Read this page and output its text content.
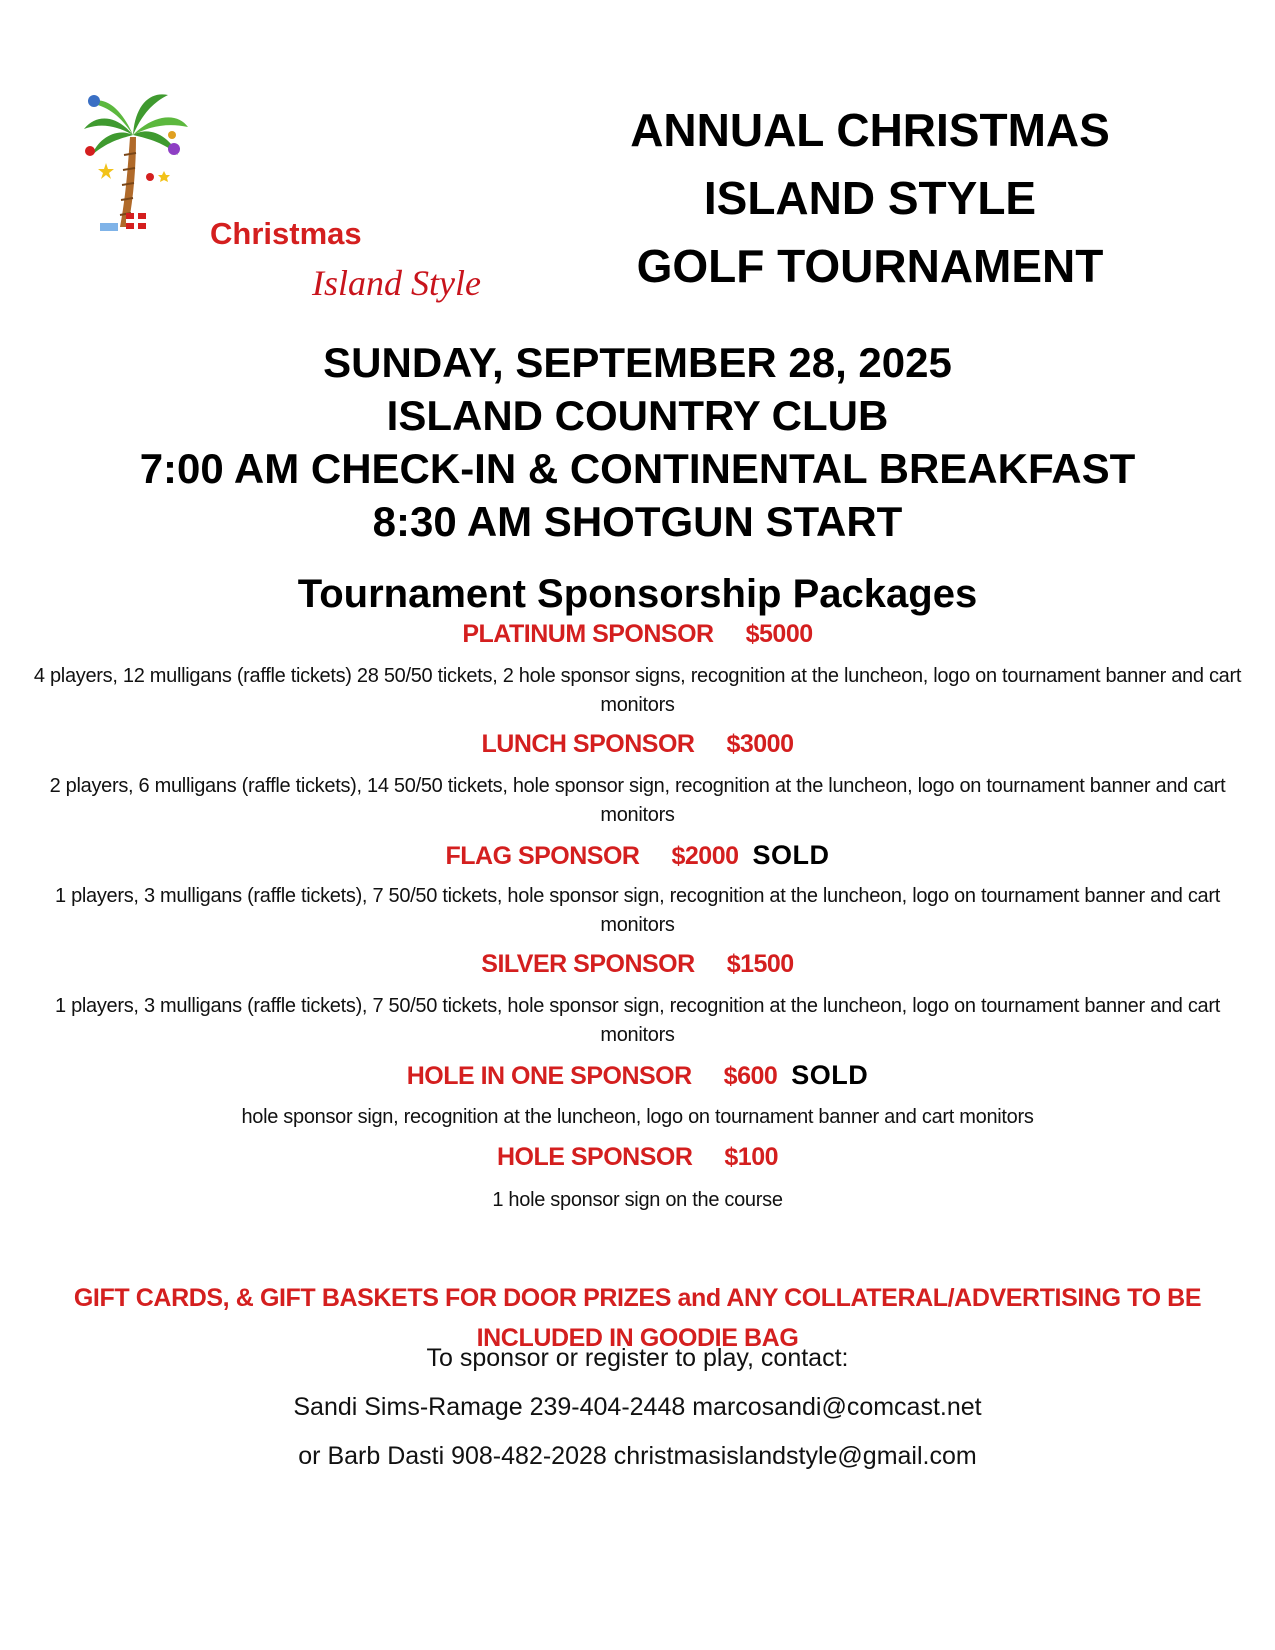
Christmas
Island Style
ANNUAL CHRISTMAS
ISLAND STYLE
GOLF TOURNAMENT
SUNDAY, SEPTEMBER 28, 2025
ISLAND COUNTRY CLUB
7:00 AM CHECK-IN & CONTINENTAL BREAKFAST
8:30 AM SHOTGUN START
Tournament Sponsorship Packages
PLATINUM SPONSOR $5000
4 players, 12 mulligans (raffle tickets) 28 50/50 tickets, 2 hole sponsor signs, recognition at the luncheon, logo on tournament banner and cart monitors
LUNCH SPONSOR $3000
2 players, 6 mulligans (raffle tickets), 14 50/50 tickets, hole sponsor sign, recognition at the luncheon, logo on tournament banner and cart monitors
FLAG SPONSOR $2000 SOLD
1 players, 3 mulligans (raffle tickets), 7 50/50 tickets, hole sponsor sign, recognition at the luncheon, logo on tournament banner and cart monitors
SILVER SPONSOR $1500
1 players, 3 mulligans (raffle tickets), 7 50/50 tickets, hole sponsor sign, recognition at the luncheon, logo on tournament banner and cart monitors
HOLE IN ONE SPONSOR $600 SOLD
hole sponsor sign, recognition at the luncheon, logo on tournament banner and cart monitors
HOLE SPONSOR $100
1 hole sponsor sign on the course
GIFT CARDS, & GIFT BASKETS FOR DOOR PRIZES and ANY COLLATERAL/ADVERTISING TO BE INCLUDED IN GOODIE BAG
To sponsor or register to play, contact:
Sandi Sims-Ramage 239-404-2448 marcosandi@comcast.net
or Barb Dasti 908-482-2028 christmasislandstyle@gmail.com
